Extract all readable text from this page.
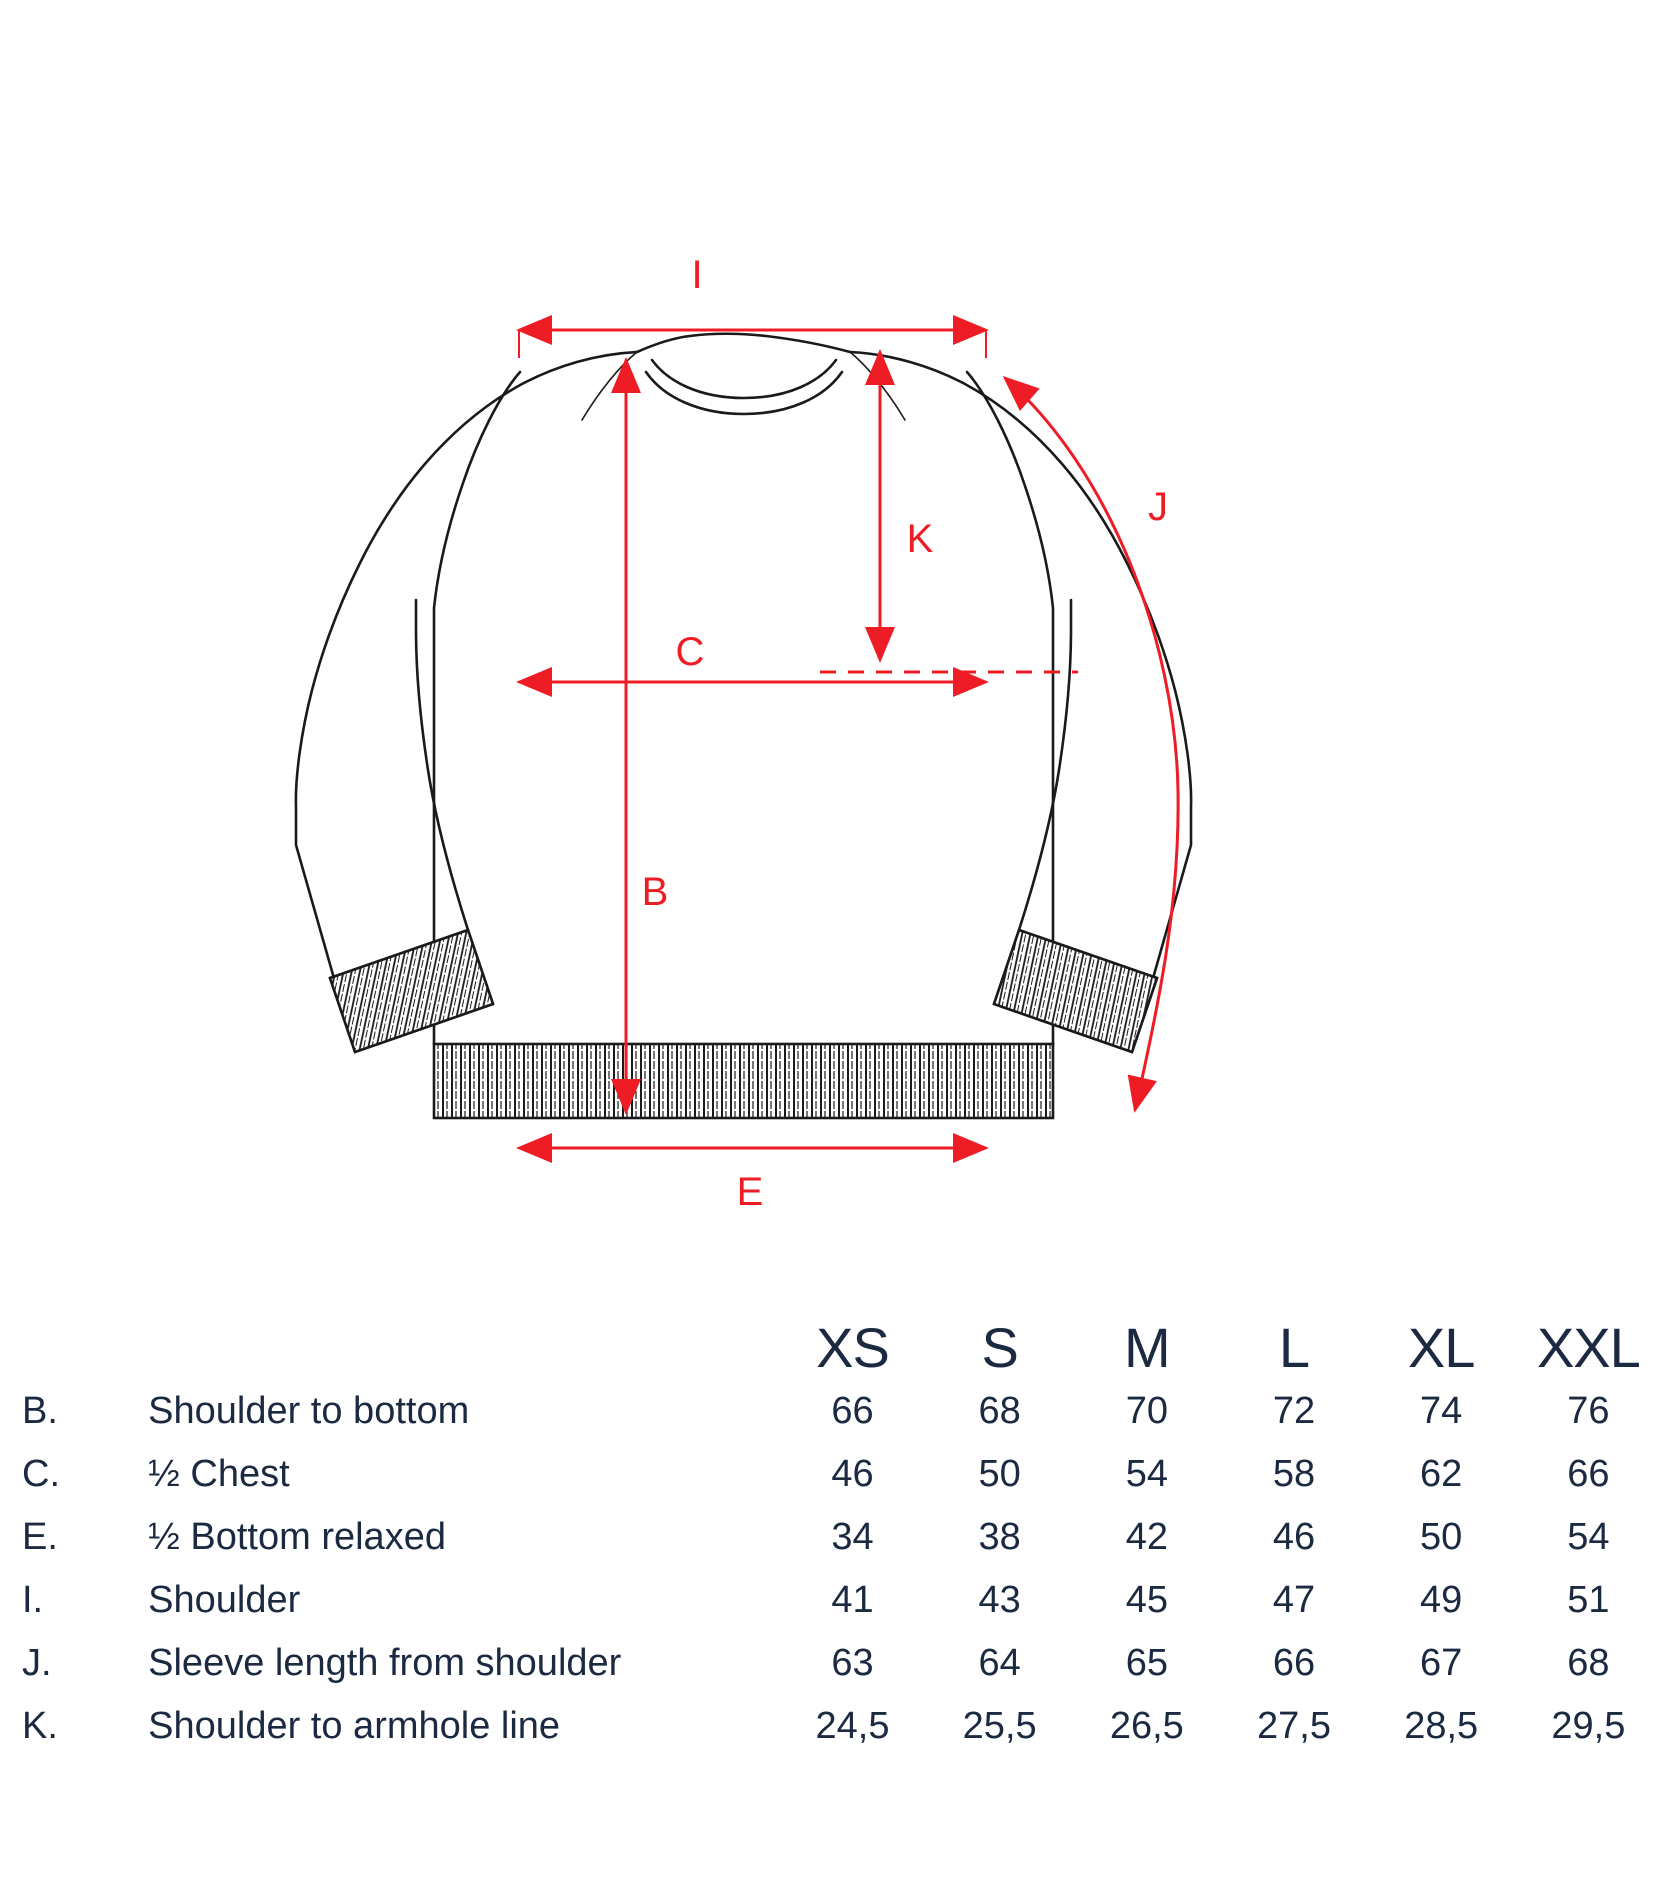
I
J
K
C
B
E
		XS	S	M	L	XL	XXL
B.	Shoulder to bottom	66	68	70	72	74	76
C.	½ Chest	46	50	54	58	62	66
E.	½ Bottom relaxed	34	38	42	46	50	54
I.	Shoulder	41	43	45	47	49	51
J.	Sleeve length from shoulder	63	64	65	66	67	68
K.	Shoulder to armhole line	24,5	25,5	26,5	27,5	28,5	29,5
